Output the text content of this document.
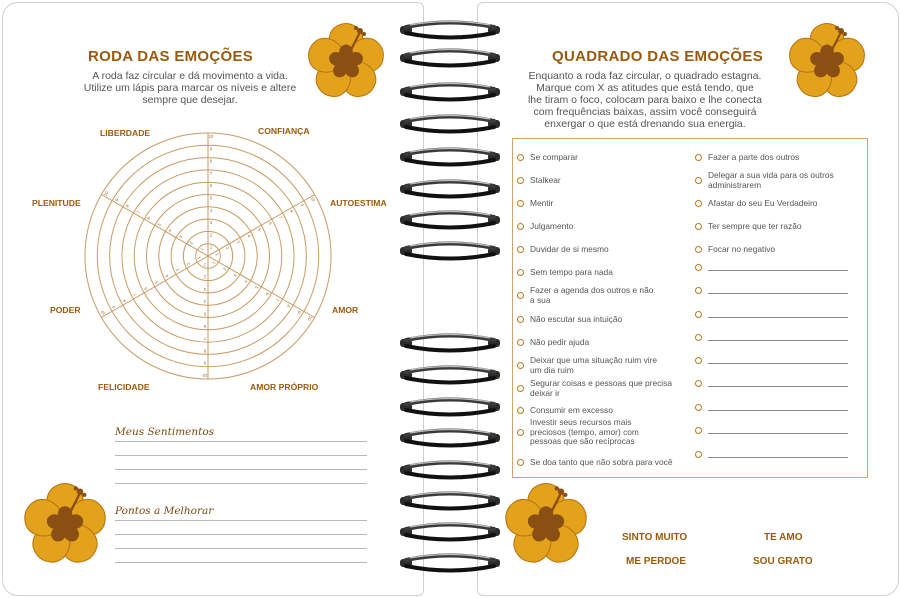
RODA DAS EMOÇÕES
A roda faz circular e dá movimento a vida.
Utilize um lápis para marcar os níveis e altere
sempre que desejar.
10
9
8
7
6
5
4
3
2
1
10
9
8
7
6
5
4
3
2
1
10
9
8
7
6
5
4
3
2
1
10
9
8
7
6
5
4
3
2
1
10
9
8
7
6
5
4
3
2
1
10
9
8
7
6
5
4
3
2
1
LIBERDADE	CONFIANÇA
PLENITUDE	AUTOESTIMA
PODER	AMOR
FELICIDADE	AMOR PRÓPRIO
Meus Sentimentos
Pontos a Melhorar
QUADRADO DAS EMOÇÕES
Enquanto a roda faz circular, o quadrado estagna.
Marque com X as atitudes que está tendo, que
lhe tiram o foco, colocam para baixo e lhe conecta
com frequências baixas, assim você conseguirá
enxergar o que está drenando sua energia.
Se comparar
Stalkear
Mentir
Julgamento
Duvidar de si mesmo
Sem tempo para nada
Fazer a agenda dos outros e não a sua
Não escutar sua intuição
Não pedir ajuda
Deixar que uma situação ruim vire um dia ruim
Segurar coisas e pessoas que precisa deixar ir
Consumir em excesso
Investir seus recursos mais preciosos (tempo, amor) com pessoas que são recíprocas
Se doa tanto que não sobra para você
Fazer a parte dos outros
Delegar a sua vida para os outros administrarem
Afastar do seu Eu Verdadeiro
Ter sempre que ter razão
Focar no negativo
SINTO MUITO	TE AMO
ME PERDOE	SOU GRATO
